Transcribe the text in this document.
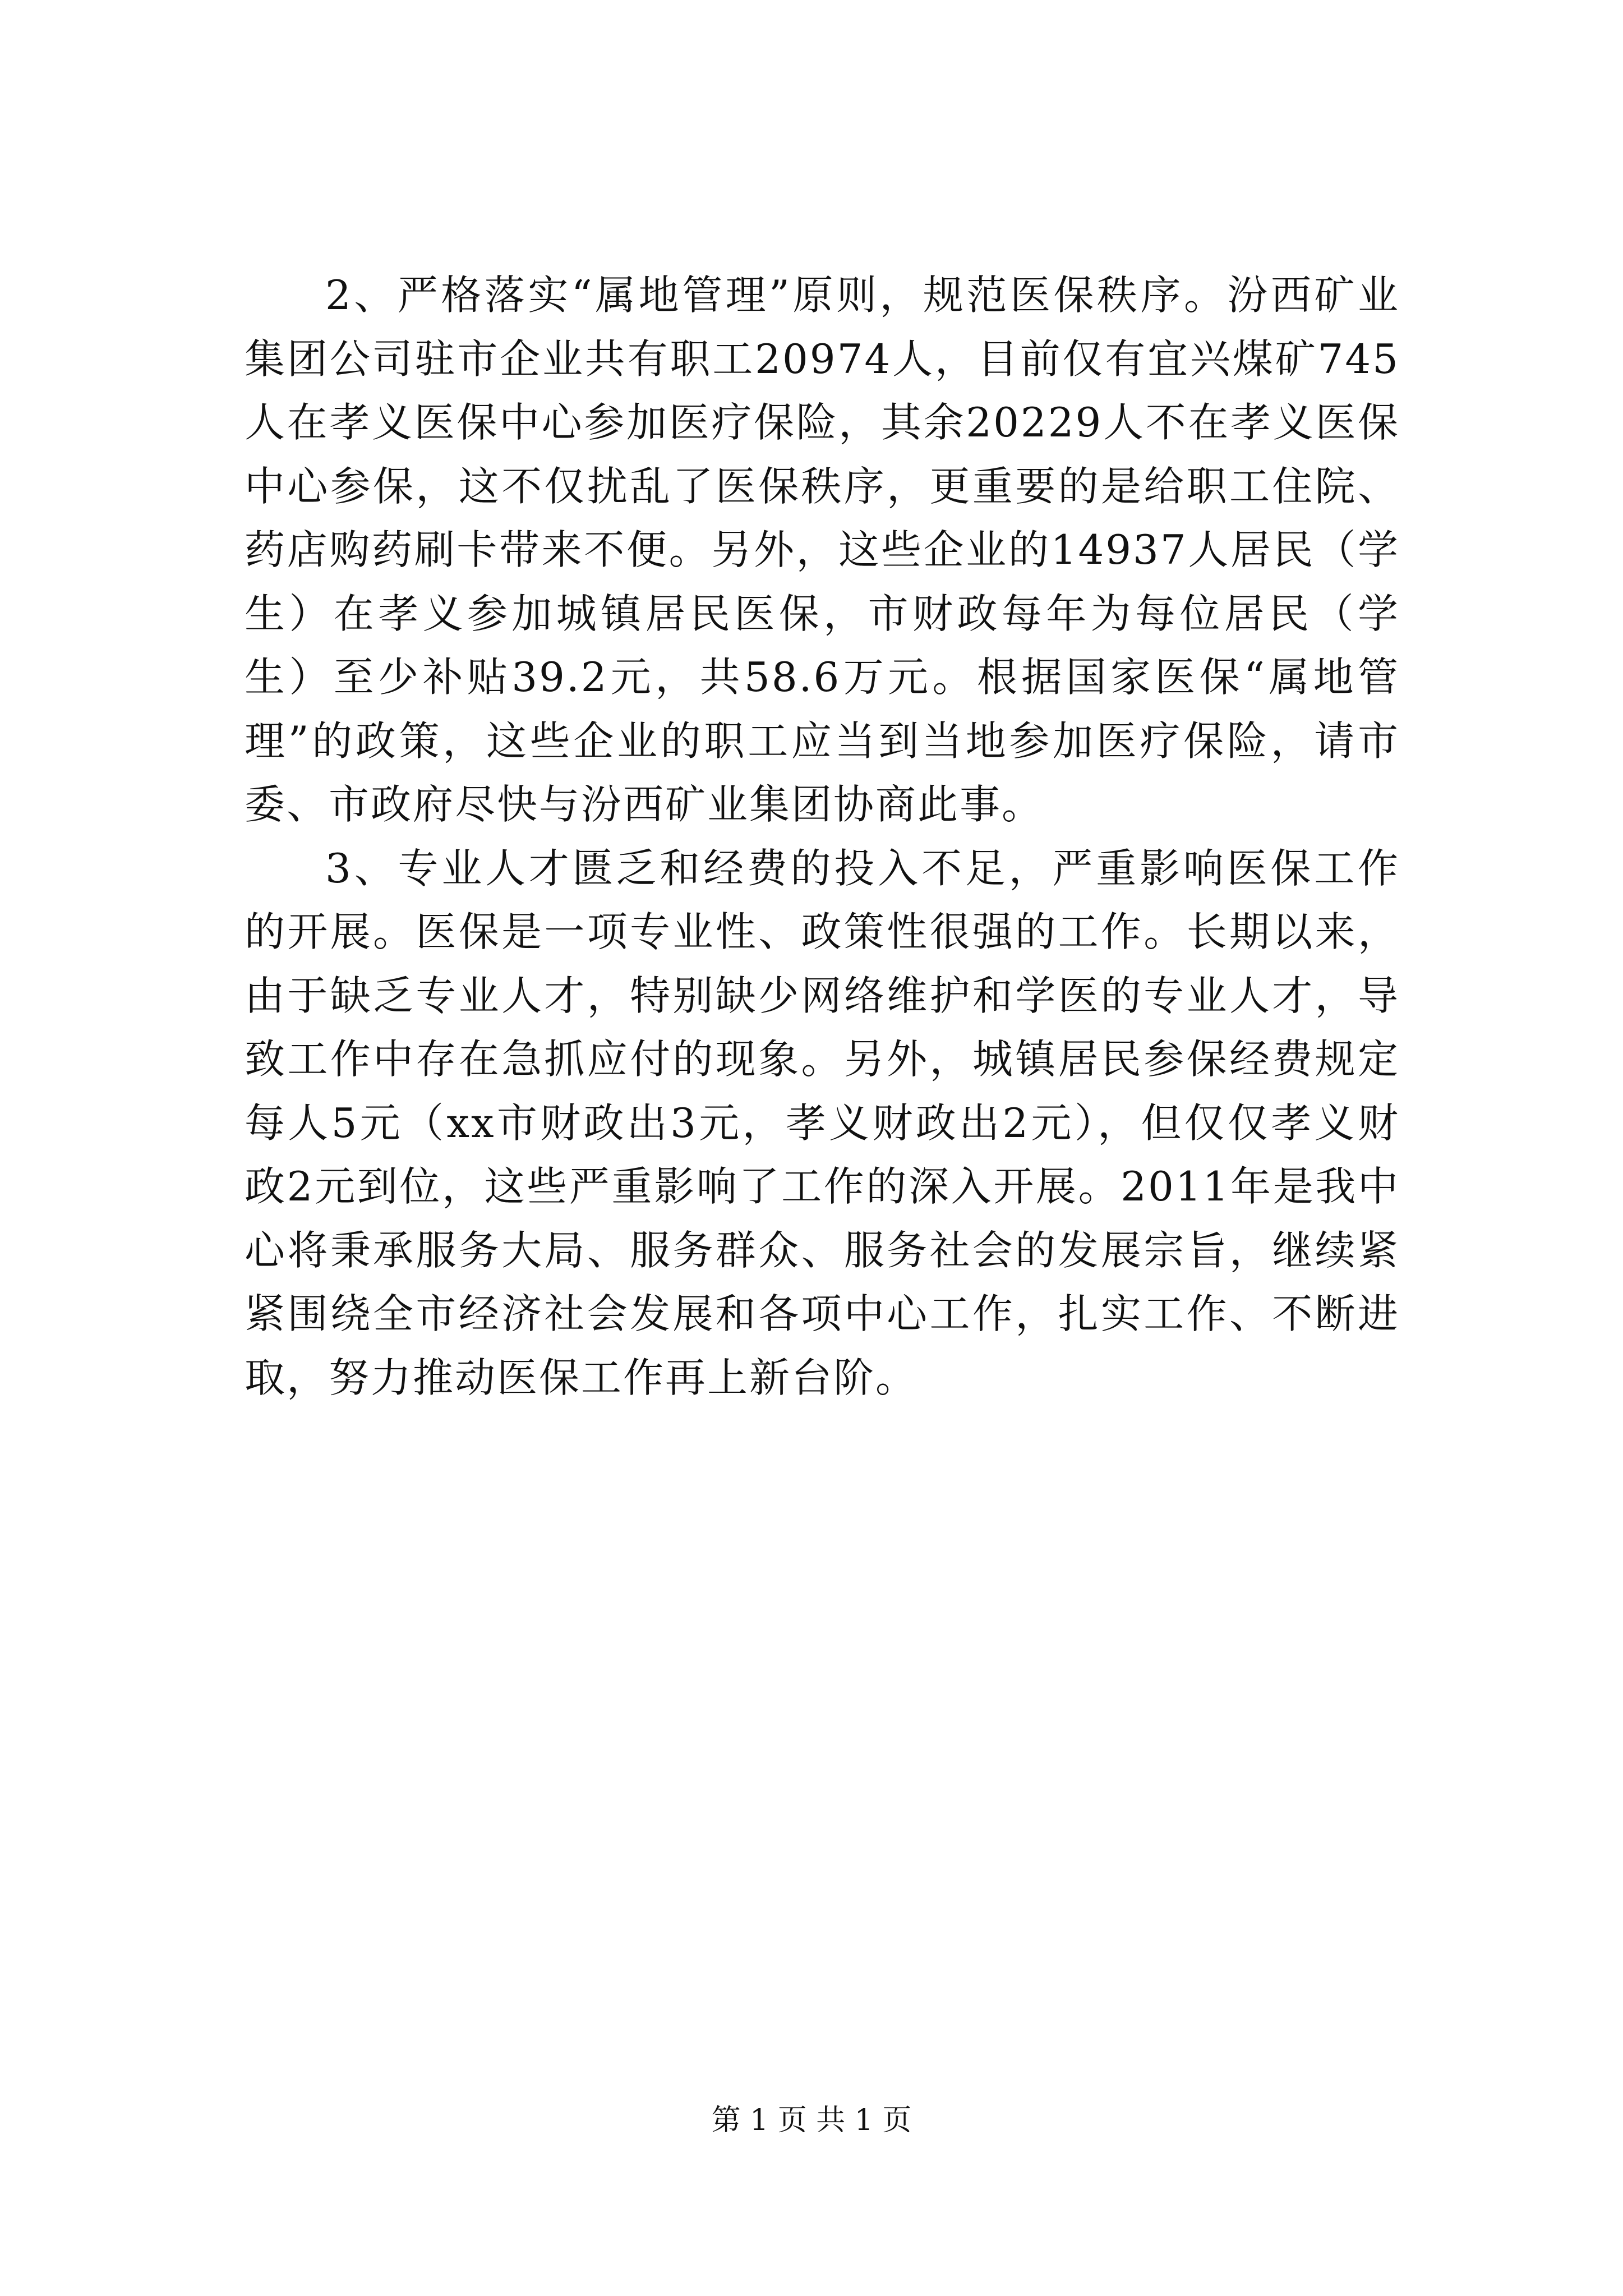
2、严格落实“属地管理”原则，规范医保秩序。汾西矿业集团公司驻市企业共有职工20974人，目前仅有宜兴煤矿745人在孝义医保中心参加医疗保险，其余20229人不在孝义医保中心参保，这不仅扰乱了医保秩序，更重要的是给职工住院、药店购药刷卡带来不便。另外，这些企业的14937人居民（学生）在孝义参加城镇居民医保，市财政每年为每位居民（学生）至少补贴39.2元，共58.6万元。根据国家医保“属地管理”的政策，这些企业的职工应当到当地参加医疗保险，请市委、市政府尽快与汾西矿业集团协商此事。

3、专业人才匮乏和经费的投入不足，严重影响医保工作的开展。医保是一项专业性、政策性很强的工作。长期以来，由于缺乏专业人才，特别缺少网络维护和学医的专业人才，导致工作中存在急抓应付的现象。另外，城镇居民参保经费规定每人5元（xx市财政出3元，孝义财政出2元），但仅仅孝义财政2元到位，这些严重影响了工作的深入开展。2011年是我中心将秉承服务大局、服务群众、服务社会的发展宗旨，继续紧紧围绕全市经济社会发展和各项中心工作，扎实工作、不断进取，努力推动医保工作再上新台阶。

第 1 页 共 1 页
